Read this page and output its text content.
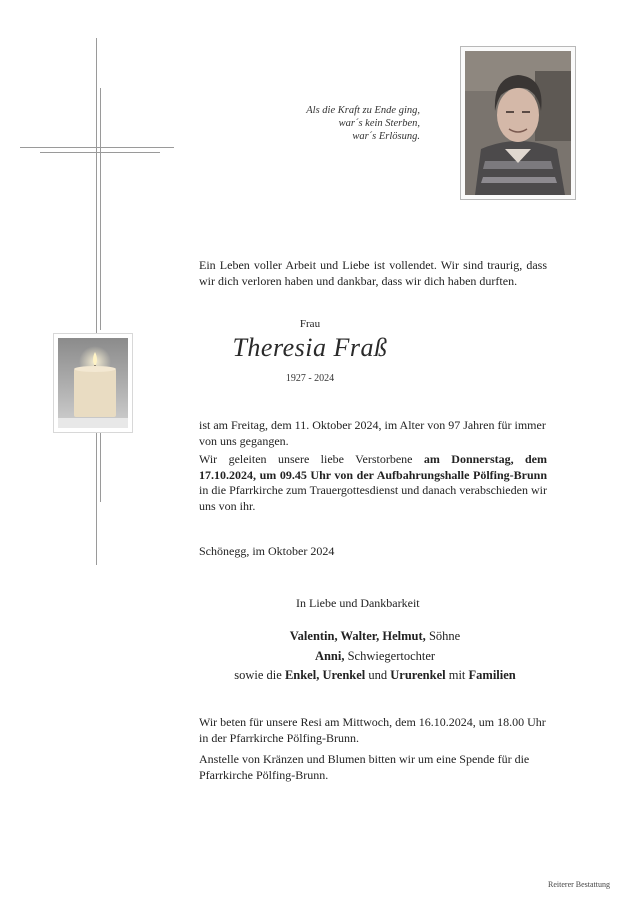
Als die Kraft zu Ende ging,
war´s kein Sterben,
war´s Erlösung.
Ein Leben voller Arbeit und Liebe ist vollendet. Wir sind traurig, dass wir dich verloren haben und dankbar, dass wir dich haben durften.
Frau
Theresia Fraß
1927 - 2024
ist am Freitag, dem 11. Oktober 2024, im Alter von 97 Jahren für immer von uns gegangen.
Wir geleiten unsere liebe Verstorbene am Donnerstag, dem 17.10.2024, um 09.45 Uhr von der Aufbahrungshalle Pölfing-Brunn in die Pfarrkirche zum Trauergottesdienst und danach verabschieden wir uns von ihr.
Schönegg, im Oktober 2024
In Liebe und Dankbarkeit
Valentin, Walter, Helmut, Söhne
Anni, Schwiegertochter
sowie die Enkel, Urenkel und Ururenkel mit Familien
Wir beten für unsere Resi am Mittwoch, dem 16.10.2024, um 18.00 Uhr in der Pfarrkirche Pölfing-Brunn.
Anstelle von Kränzen und Blumen bitten wir um eine Spende für die Pfarrkirche Pölfing-Brunn.
Reiterer Bestattung
